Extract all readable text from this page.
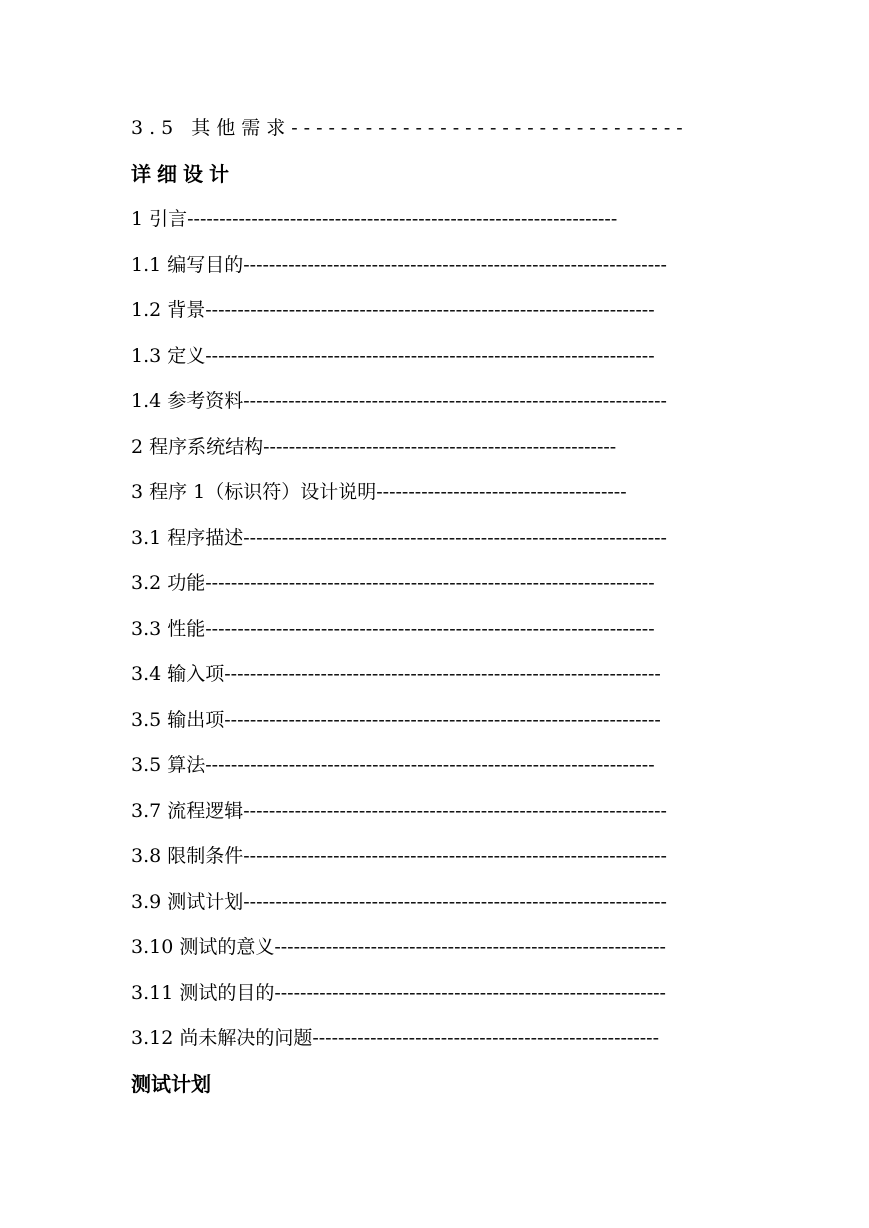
3.5 其他需求--------------------------------
详细设计
1 引言-------------------------------------------------------------------
1.1 编写目的------------------------------------------------------------------
1.2 背景----------------------------------------------------------------------
1.3 定义----------------------------------------------------------------------
1.4 参考资料------------------------------------------------------------------
2 程序系统结构-------------------------------------------------------
3 程序 1（标识符）设计说明---------------------------------------
3.1 程序描述------------------------------------------------------------------
3.2 功能----------------------------------------------------------------------
3.3 性能----------------------------------------------------------------------
3.4 输入项--------------------------------------------------------------------
3.5 输出项--------------------------------------------------------------------
3.5 算法----------------------------------------------------------------------
3.7 流程逻辑------------------------------------------------------------------
3.8 限制条件------------------------------------------------------------------
3.9 测试计划------------------------------------------------------------------
3.10 测试的意义-------------------------------------------------------------
3.11 测试的目的-------------------------------------------------------------
3.12 尚未解决的问题------------------------------------------------------
测试计划
